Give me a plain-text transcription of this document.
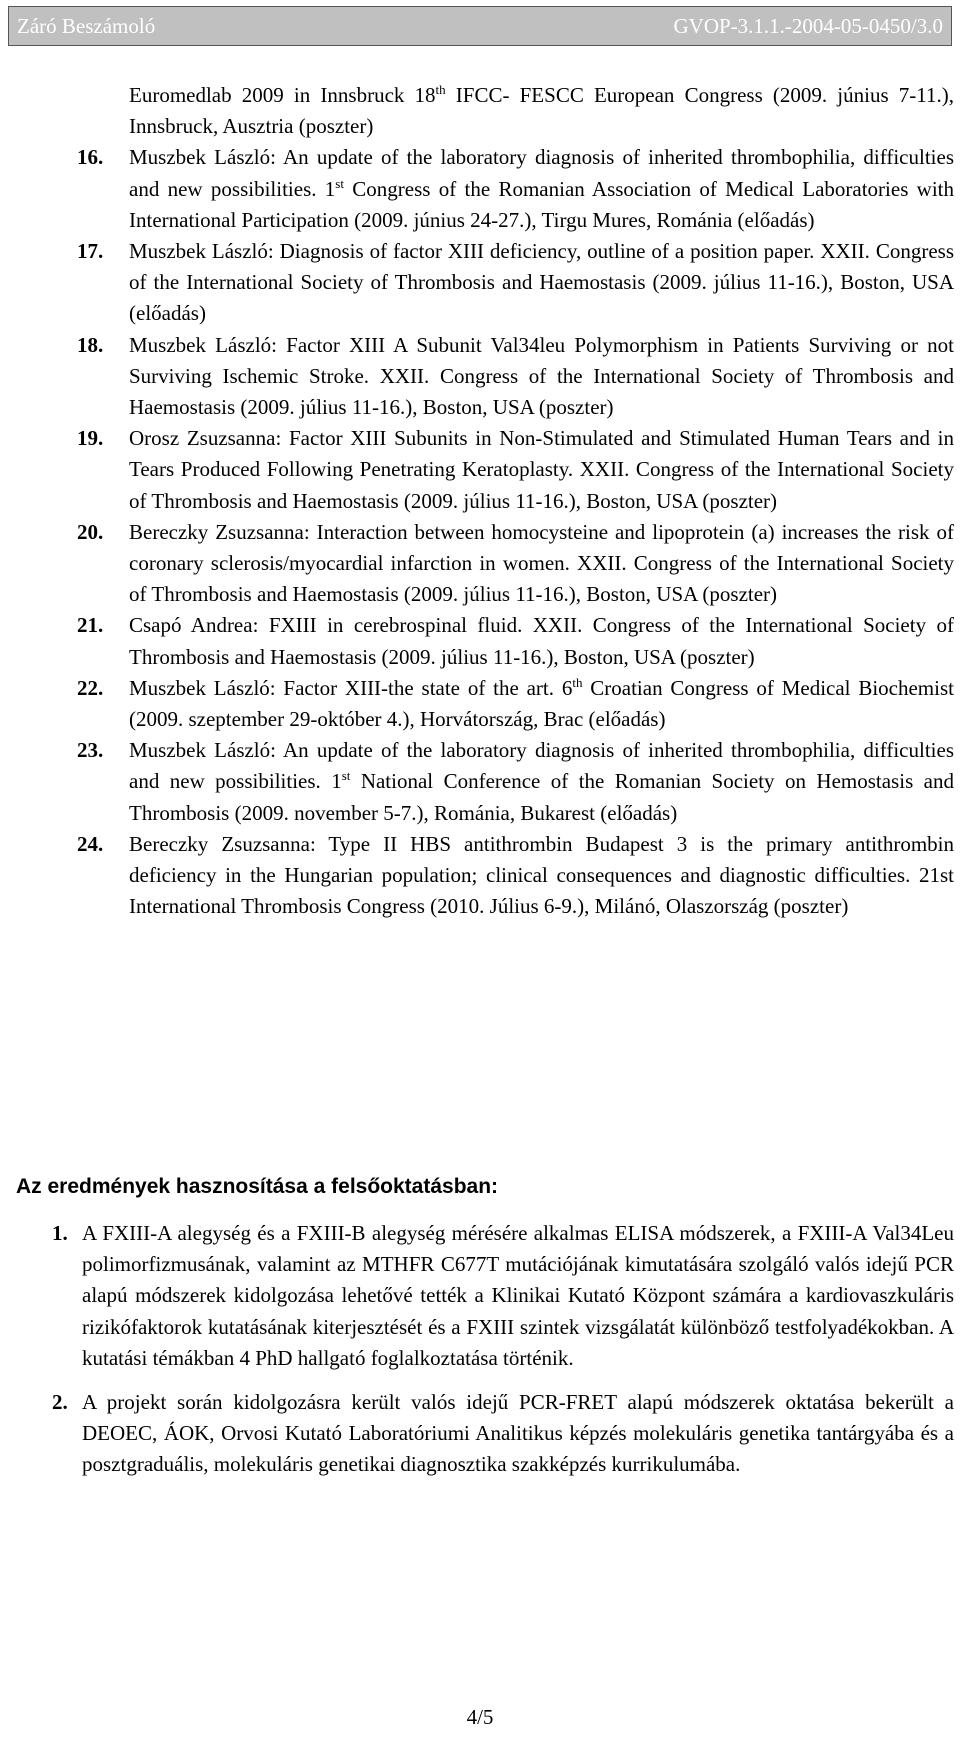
Záró Beszámoló	GVOP-3.1.1.-2004-05-0450/3.0
Euromedlab 2009 in Innsbruck 18th IFCC- FESCC European Congress (2009. június 7-11.), Innsbruck, Ausztria (poszter)
16. Muszbek László: An update of the laboratory diagnosis of inherited thrombophilia, difficulties and new possibilities. 1st Congress of the Romanian Association of Medical Laboratories with International Participation (2009. június 24-27.), Tirgu Mures, Románia (előadás)
17. Muszbek László: Diagnosis of factor XIII deficiency, outline of a position paper. XXII. Congress of the International Society of Thrombosis and Haemostasis (2009. július 11-16.), Boston, USA (előadás)
18. Muszbek László: Factor XIII A Subunit Val34leu Polymorphism in Patients Surviving or not Surviving Ischemic Stroke. XXII. Congress of the International Society of Thrombosis and Haemostasis (2009. július 11-16.), Boston, USA (poszter)
19. Orosz Zsuzsanna: Factor XIII Subunits in Non-Stimulated and Stimulated Human Tears and in Tears Produced Following Penetrating Keratoplasty. XXII. Congress of the International Society of Thrombosis and Haemostasis (2009. július 11-16.), Boston, USA (poszter)
20. Bereczky Zsuzsanna: Interaction between homocysteine and lipoprotein (a) increases the risk of coronary sclerosis/myocardial infarction in women. XXII. Congress of the International Society of Thrombosis and Haemostasis (2009. július 11-16.), Boston, USA (poszter)
21. Csapó Andrea: FXIII in cerebrospinal fluid. XXII. Congress of the International Society of Thrombosis and Haemostasis (2009. július 11-16.), Boston, USA (poszter)
22. Muszbek László: Factor XIII-the state of the art. 6th Croatian Congress of Medical Biochemist (2009. szeptember 29-október 4.), Horvátország, Brac (előadás)
23. Muszbek László: An update of the laboratory diagnosis of inherited thrombophilia, difficulties and new possibilities. 1st National Conference of the Romanian Society on Hemostasis and Thrombosis (2009. november 5-7.), Románia, Bukarest (előadás)
24. Bereczky Zsuzsanna: Type II HBS antithrombin Budapest 3 is the primary antithrombin deficiency in the Hungarian population; clinical consequences and diagnostic difficulties. 21st International Thrombosis Congress (2010. Július 6-9.), Milánó, Olaszország (poszter)
Az eredmények hasznosítása a felsőoktatásban:
1. A FXIII-A alegység és a FXIII-B alegység mérésére alkalmas ELISA módszerek, a FXIII-A Val34Leu polimorfizmusának, valamint az MTHFR C677T mutációjának kimutatására szolgáló valós idejű PCR alapú módszerek kidolgozása lehetővé tették a Klinikai Kutató Központ számára a kardiovaszkuláris rizikófaktorok kutatásának kiterjesztését és a FXIII szintek vizsgálatát különböző testfolyadékokban. A kutatási témákban 4 PhD hallgató foglalkoztatása történik.
2. A projekt során kidolgozásra került valós idejű PCR-FRET alapú módszerek oktatása bekerült a DEOEC, ÁOK, Orvosi Kutató Laboratóriumi Analitikus képzés molekuláris genetika tantárgyába és a posztgraduális, molekuláris genetikai diagnosztika szakképzés kurrikulumába.
4/5
